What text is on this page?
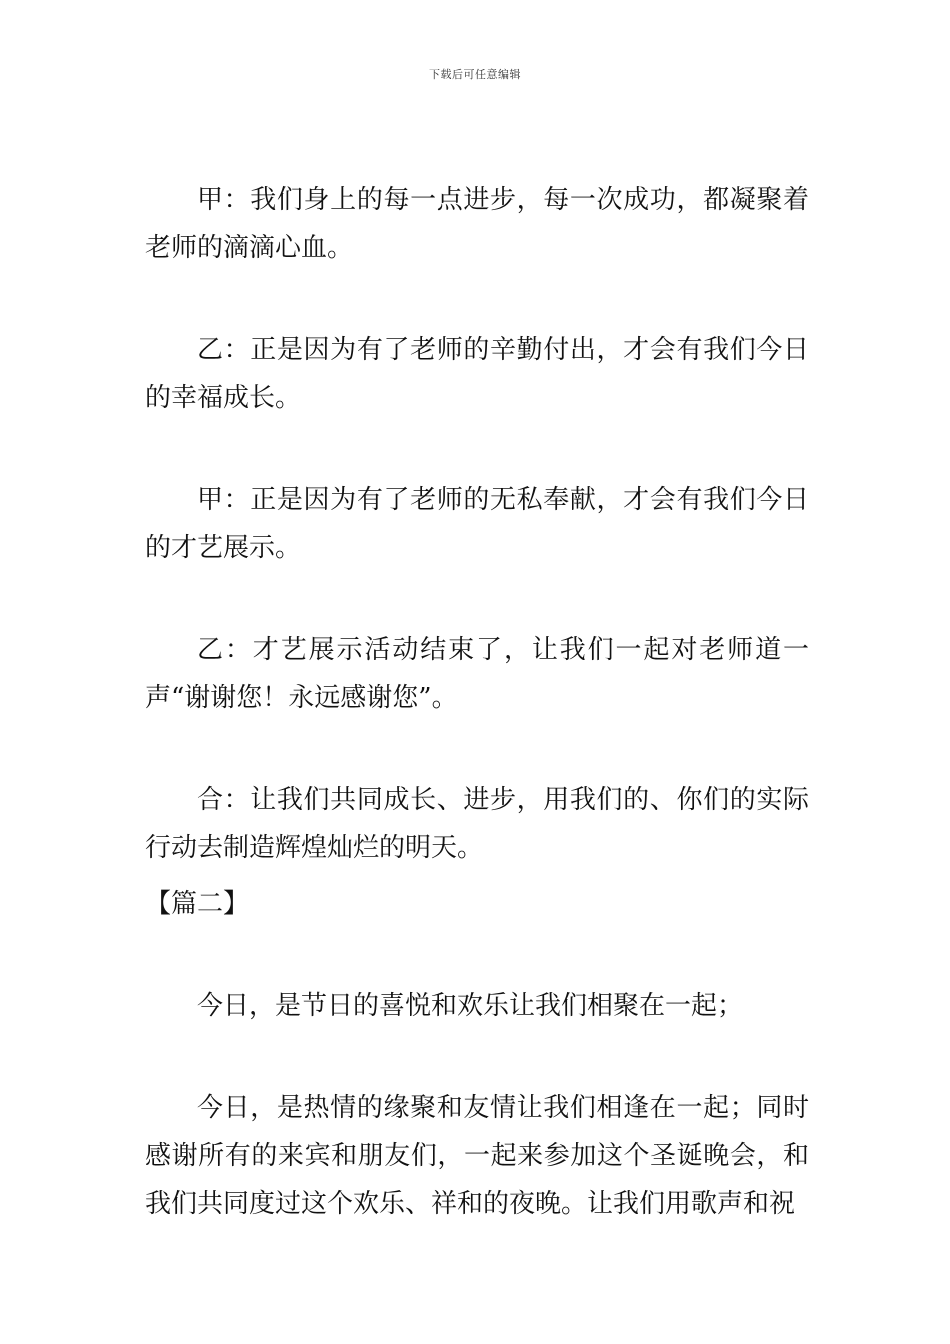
下载后可任意编辑

甲：我们身上的每一点进步，每一次成功，都凝聚着老师的滴滴心血。

乙：正是因为有了老师的辛勤付出，才会有我们今日的幸福成长。

甲：正是因为有了老师的无私奉献，才会有我们今日的才艺展示。

乙：才艺展示活动结束了，让我们一起对老师道一声“谢谢您！永远感谢您”。

合：让我们共同成长、进步，用我们的、你们的实际行动去制造辉煌灿烂的明天。

【篇二】

今日，是节日的喜悦和欢乐让我们相聚在一起；

今日，是热情的缘聚和友情让我们相逢在一起；同时感谢所有的来宾和朋友们，一起来参加这个圣诞晚会，和我们共同度过这个欢乐、祥和的夜晚。让我们用歌声和祝
